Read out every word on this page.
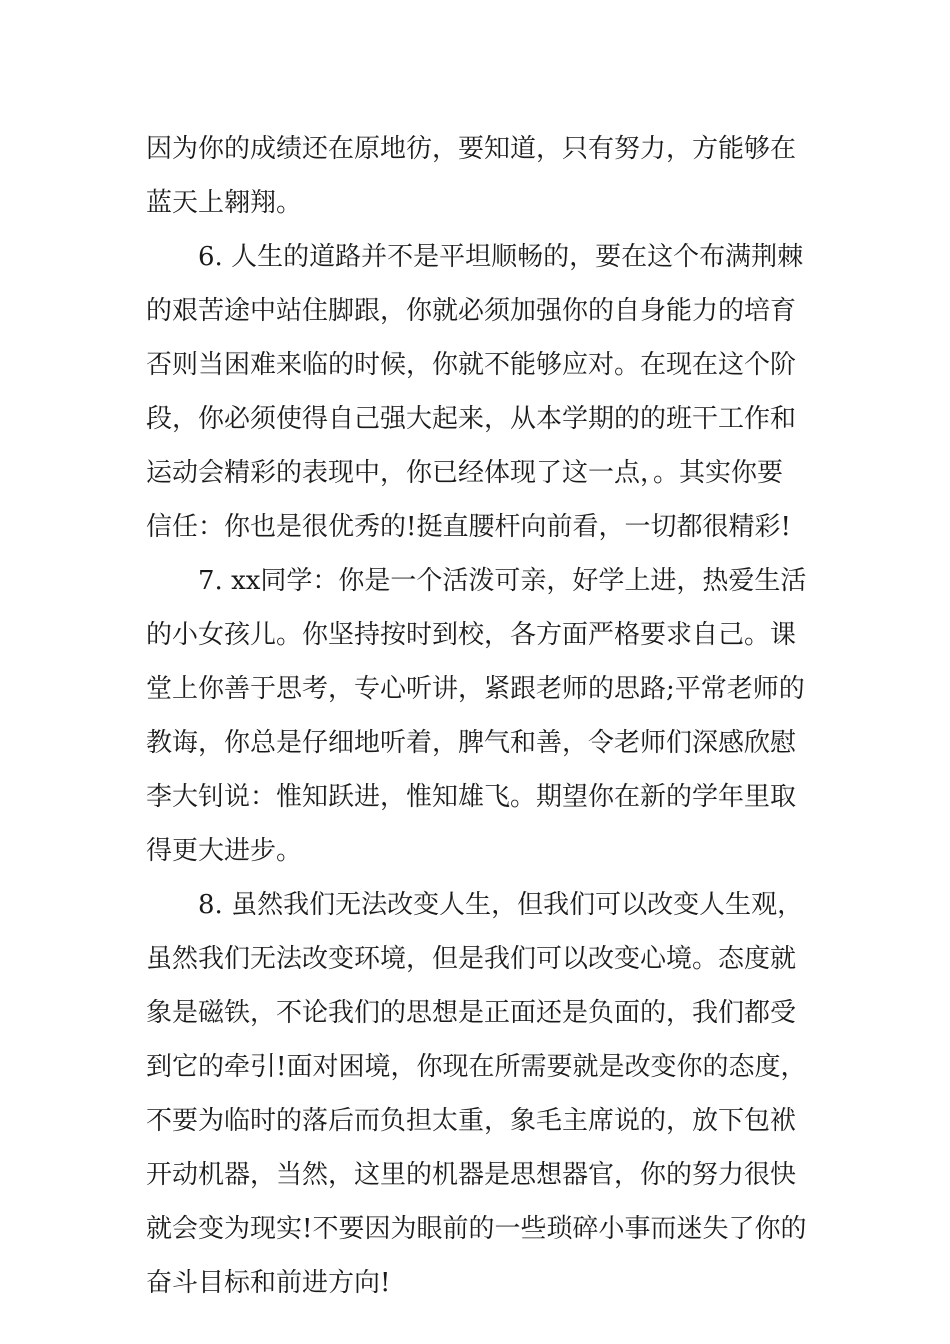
因为你的成绩还在原地彷，要知道，只有努力，方能够在
蓝天上翱翔。
6. 人生的道路并不是平坦顺畅的，要在这个布满荆棘
的艰苦途中站住脚跟，你就必须加强你的自身能力的培育
否则当困难来临的时候，你就不能够应对。在现在这个阶
段，你必须使得自己强大起来，从本学期的的班干工作和
运动会精彩的表现中，你已经体现了这一点，。其实你要
信任：你也是很优秀的!挺直腰杆向前看，一切都很精彩!
7. xx同学：你是一个活泼可亲，好学上进，热爱生活
的小女孩儿。你坚持按时到校，各方面严格要求自己。课
堂上你善于思考，专心听讲，紧跟老师的思路;平常老师的
教诲，你总是仔细地听着，脾气和善，令老师们深感欣慰
李大钊说：惟知跃进，惟知雄飞。期望你在新的学年里取
得更大进步。
8. 虽然我们无法改变人生，但我们可以改变人生观，
虽然我们无法改变环境，但是我们可以改变心境。态度就
象是磁铁，不论我们的思想是正面还是负面的，我们都受
到它的牵引!面对困境，你现在所需要就是改变你的态度，
不要为临时的落后而负担太重，象毛主席说的，放下包袱
开动机器，当然，这里的机器是思想器官，你的努力很快
就会变为现实!不要因为眼前的一些琐碎小事而迷失了你的
奋斗目标和前进方向!
